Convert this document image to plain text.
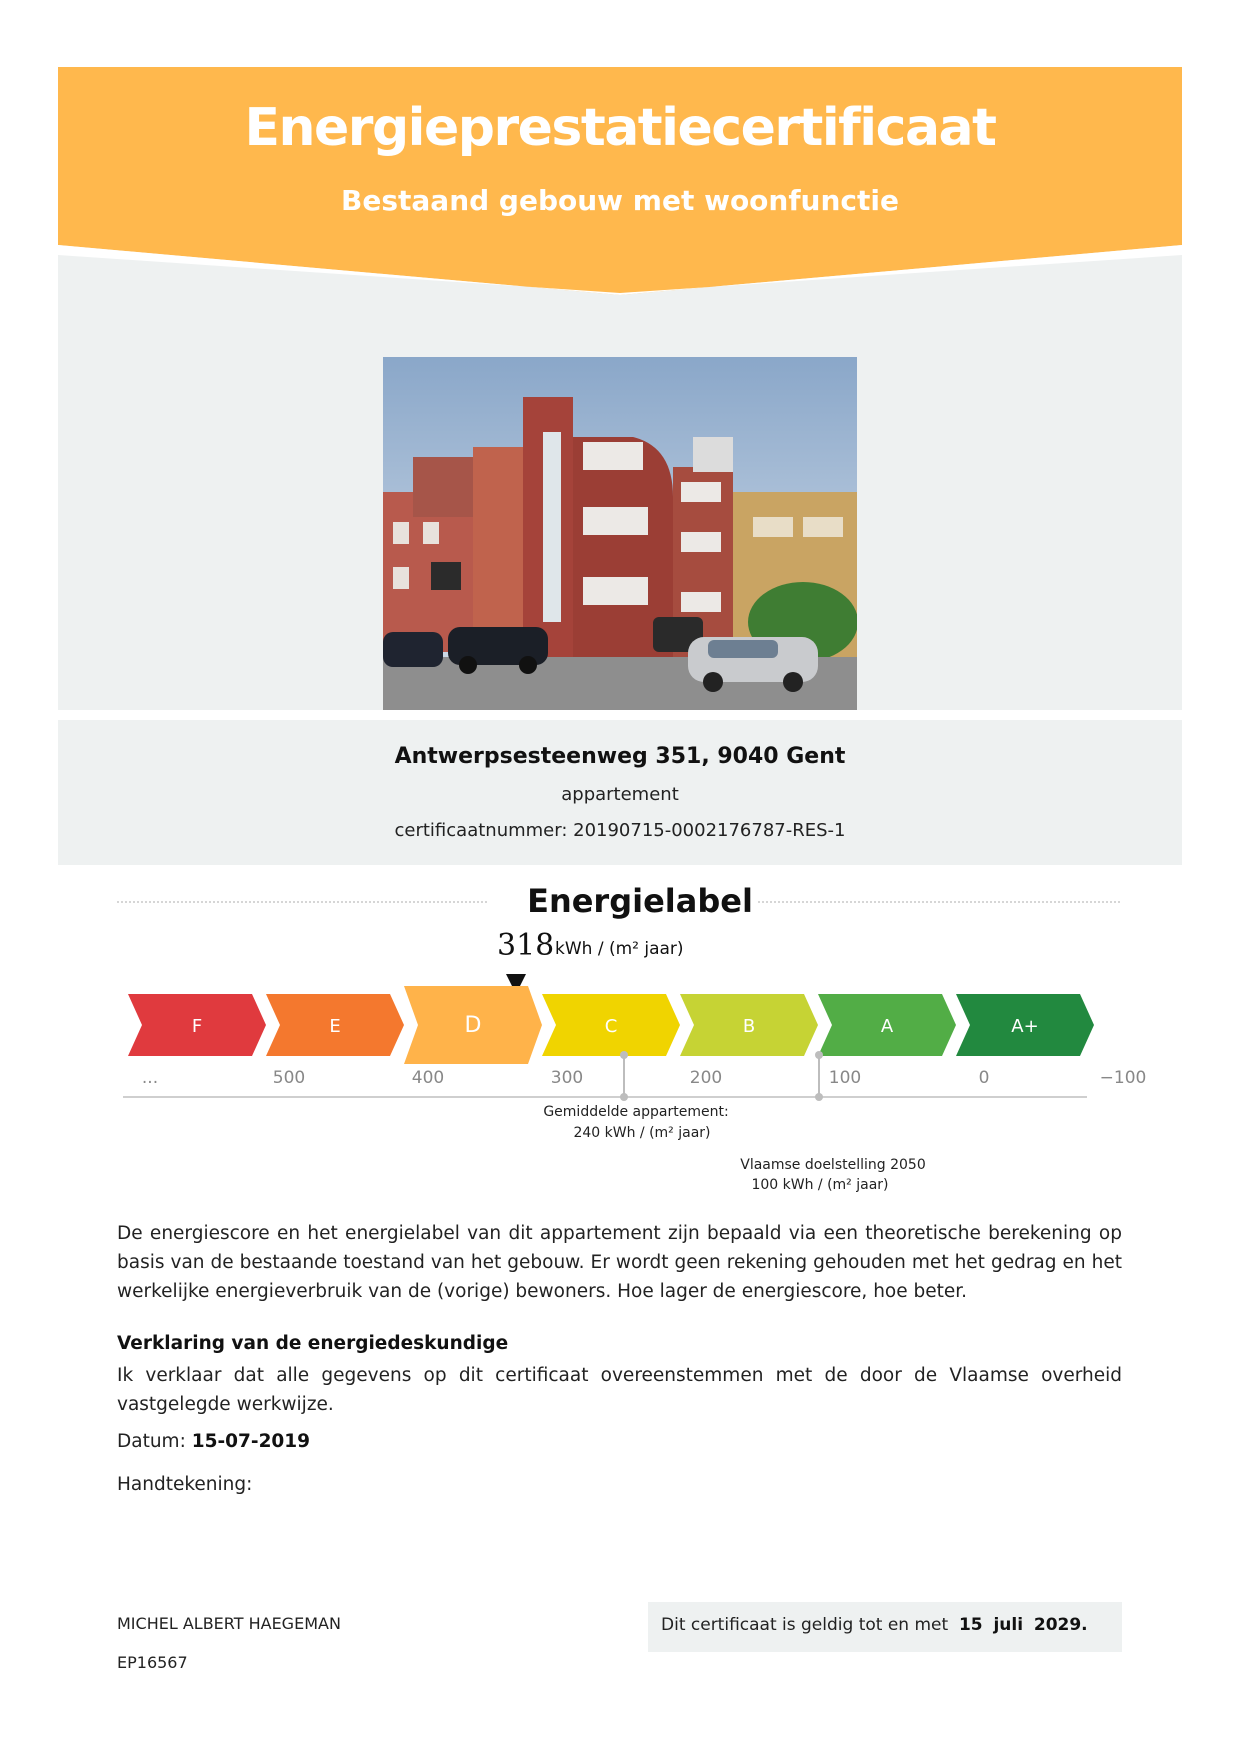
Energieprestatiecertificaat
Bestaand gebouw met woonfunctie
Antwerpsesteenweg 351, 9040 Gent
appartement
certificaatnummer: 20190715-0002176787-RES-1
Energielabel
318 kWh / (m² jaar)
F	E	D	C	B	A	A+
...	500	400	300	200	100	0	−100
Gemiddelde appartement:
240 kWh / (m² jaar)
Vlaamse doelstelling 2050
100 kWh / (m² jaar)
De energiescore en het energielabel van dit appartement zijn bepaald via een theoretische berekening op basis van de bestaande toestand van het gebouw. Er wordt geen rekening gehouden met het gedrag en het werkelijke energieverbruik van de (vorige) bewoners. Hoe lager de energiescore, hoe beter.
Verklaring van de energiedeskundige
Ik verklaar dat alle gegevens op dit certificaat overeenstemmen met de door de Vlaamse overheid vastgelegde werkwijze.
Datum: 15-07-2019
Handtekening:
MICHEL ALBERT HAEGEMAN
EP16567
Dit certificaat is geldig tot en met 15 juli 2029.
